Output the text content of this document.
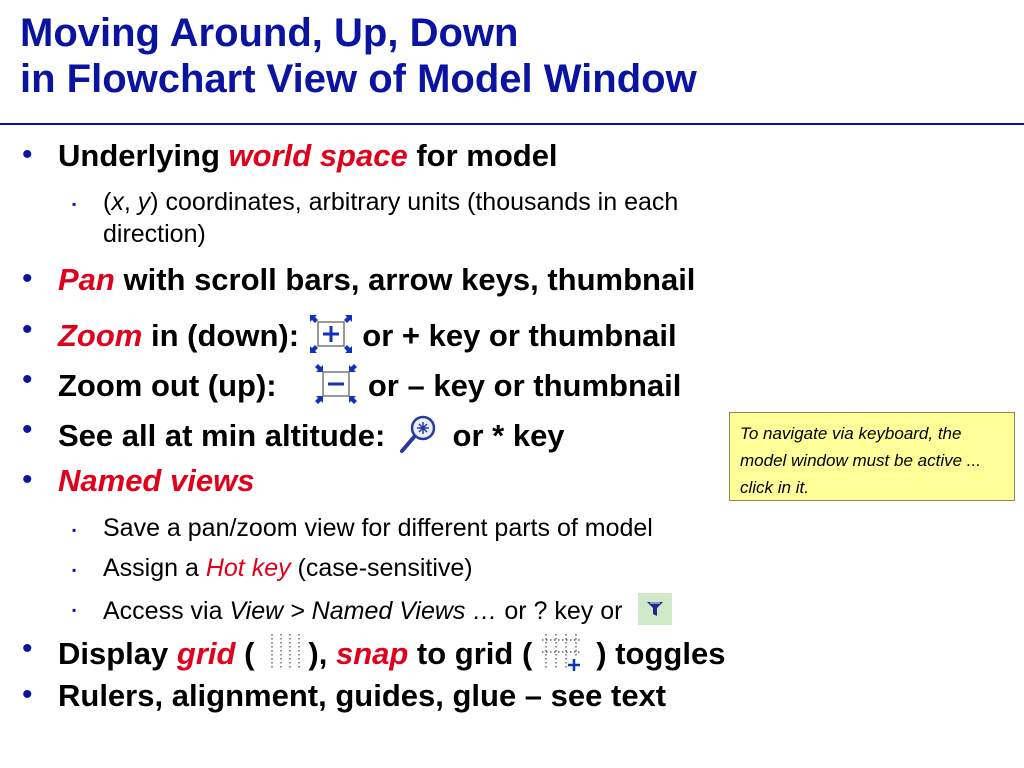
Moving Around, Up, Down
in Flowchart View of Model Window
• Underlying world space for model
▪ (x, y) coordinates, arbitrary units (thousands in each
direction)
• Pan with scroll bars, arrow keys, thumbnail
• Zoom in (down):  or + key or thumbnail
• Zoom out (up):  or – key or thumbnail
• See all at min altitude:  or * key
• Named views
▪ Save a pan/zoom view for different parts of model
▪ Assign a Hot key (case-sensitive)
▪ Access via View > Named Views … or ? key or
• Display grid ( ), snap to grid ( ) toggles
• Rulers, alignment, guides, glue – see text
To navigate via keyboard, the model window must be active ... click in it.
